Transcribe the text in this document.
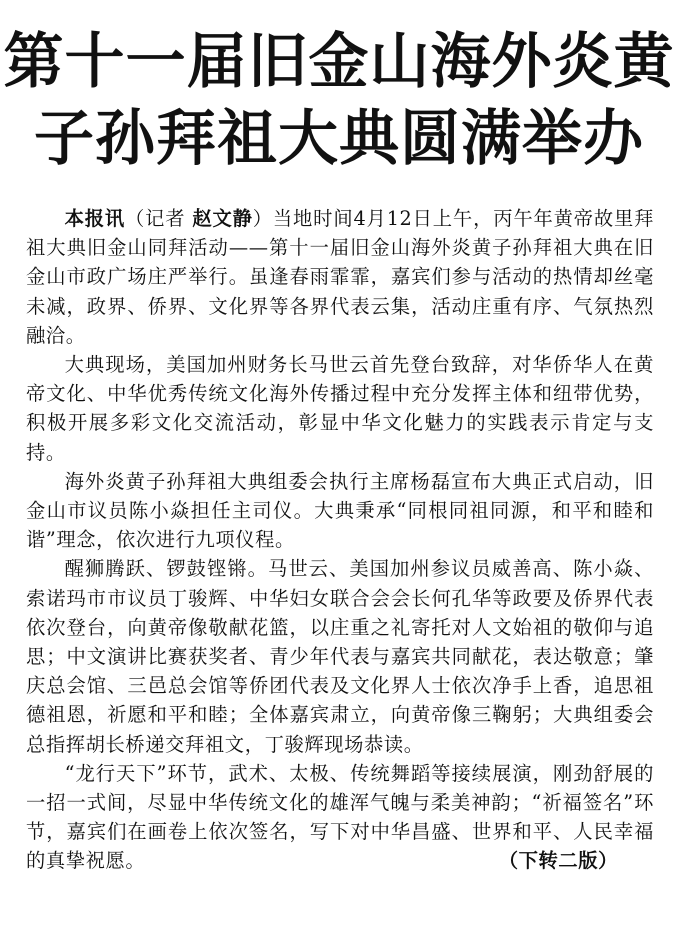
第十一届旧金山海外炎黄
子孙拜祖大典圆满举办

本报讯（记者 赵文静）当地时间4月12日上午，丙午年黄帝故里拜祖大典旧金山同拜活动——第十一届旧金山海外炎黄子孙拜祖大典在旧金山市政广场庄严举行。虽逢春雨霏霏，嘉宾们参与活动的热情却丝毫未减，政界、侨界、文化界等各界代表云集，活动庄重有序、气氛热烈融洽。

大典现场，美国加州财务长马世云首先登台致辞，对华侨华人在黄帝文化、中华优秀传统文化海外传播过程中充分发挥主体和纽带优势，积极开展多彩文化交流活动，彰显中华文化魅力的实践表示肯定与支持。

海外炎黄子孙拜祖大典组委会执行主席杨磊宣布大典正式启动，旧金山市议员陈小焱担任主司仪。大典秉承“同根同祖同源，和平和睦和谐”理念，依次进行九项仪程。

醒狮腾跃、锣鼓铿锵。马世云、美国加州参议员威善高、陈小焱、索诺玛市市议员丁骏辉、中华妇女联合会会长何孔华等政要及侨界代表依次登台，向黄帝像敬献花篮，以庄重之礼寄托对人文始祖的敬仰与追思；中文演讲比赛获奖者、青少年代表与嘉宾共同献花，表达敬意；肇庆总会馆、三邑总会馆等侨团代表及文化界人士依次净手上香，追思祖德祖恩，祈愿和平和睦；全体嘉宾肃立，向黄帝像三鞠躬；大典组委会总指挥胡长桥递交拜祖文，丁骏辉现场恭读。

“龙行天下”环节，武术、太极、传统舞蹈等接续展演，刚劲舒展的一招一式间，尽显中华传统文化的雄浑气魄与柔美神韵；“祈福签名”环节，嘉宾们在画卷上依次签名，写下对中华昌盛、世界和平、人民幸福的真挚祝愿。	（下转二版）
